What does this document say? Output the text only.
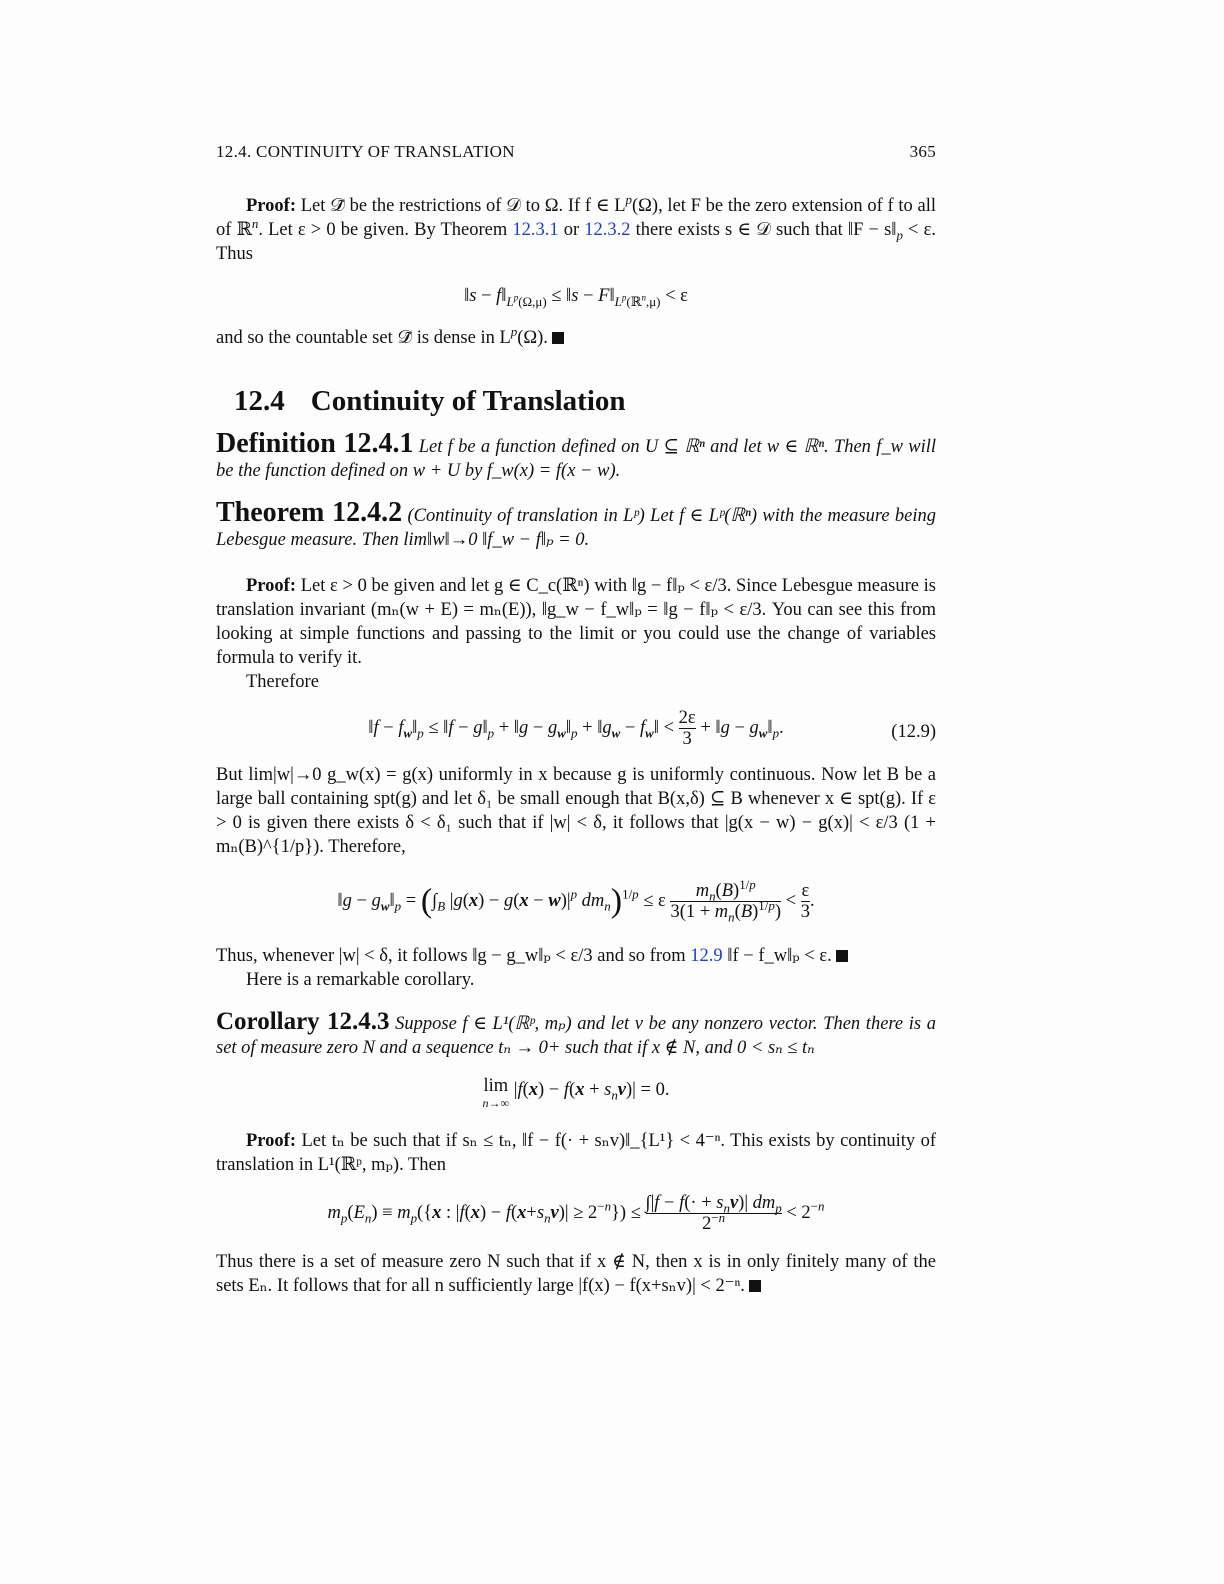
12.4. CONTINUITY OF TRANSLATION	365

Proof: Let 𝒟̃ be the restrictions of 𝒟 to Ω. If f ∈ $L^p(\Omega)$, let F be the zero extension of f to all of ℝ$^n$. Let ε > 0 be given. By Theorem 12.3.1 or 12.3.2 there exists s ∈ 𝒟 such that ‖F − $s‖_p < \varepsilon$. Thus

‖s − $f‖_{L^p(\Omega,\mu)}$ ≤ ‖s − $F‖_{L^p(ℝ^n,\mu)} < \varepsilon$

and so the countable set 𝒟̃ is dense in $L^p(\Omega)$.

12.4 Continuity of Translation

Definition 12.4.1 Let f be a function defined on U ⊆ ℝⁿ and let w ∈ ℝⁿ. Then f_w will be the function defined on w + U by f_w(x) = f(x − w).

Theorem 12.4.2 (Continuity of translation in Lᵖ) Let f ∈ Lᵖ(ℝⁿ) with the measure being Lebesgue measure. Then lim‖w‖→0 ‖f_w − f‖ₚ = 0.

Proof: Let ε > 0 be given and let g ∈ C_c(ℝⁿ) with ‖g − f‖ₚ < ε/3. Since Lebesgue measure is translation invariant (mₙ(w + E) = mₙ(E)), ‖g_w − f_w‖ₚ = ‖g − f‖ₚ < ε/3. You can see this from looking at simple functions and passing to the limit or you could use the change of variables formula to verify it.

Therefore

‖f − $f_w‖_p$ ≤ ‖f − $g‖_p$ + ‖g − $g_w‖_p$ + $‖g_w$ − $f_w‖ < \frac{2\varepsilon}{3}$ + ‖g − $g_w‖_p$.	(12.9)

But lim|w|→0 g_w(x) = g(x) uniformly in x because g is uniformly continuous. Now let B be a large ball containing spt(g) and let δ₁ be small enough that B(x,δ) ⊆ B whenever x ∈ spt(g). If ε > 0 is given there exists δ < δ₁ such that if |w| < δ, it follows that |g(x − w) − g(x)| < ε/3 (1 + mₙ(B)^{1/p}). Therefore,

‖g − $g_w‖_p = (\int_B$ $|g(x) - g(x - w)|^p$ $dm_n)^{1/p} \le \varepsilon \frac{m_n(B)^{1/p}}{3(1 + m_n(B)^{1/p})} < \frac{\varepsilon}{3}$ .

Thus, whenever |w| < δ, it follows ‖g − g_w‖ₚ < ε/3 and so from 12.9 ‖f − f_w‖ₚ < ε.

Here is a remarkable corollary.

Corollary 12.4.3 Suppose f ∈ L¹(ℝᵖ, mₚ) and let v be any nonzero vector. Then there is a set of measure zero N and a sequence tₙ → 0+ such that if x ∉ N, and 0 < sₙ ≤ tₙ

lim
n→∞ $|f(x) - f(x + s_nv)| = 0$.

Proof: Let tₙ be such that if sₙ ≤ tₙ, ‖f − f(· + sₙv)‖_{L¹} < 4⁻ⁿ. This exists by continuity of translation in L¹(ℝᵖ, mₚ). Then

$m_p(E_n) \equiv m_p(\{x$ : $|f(x) - f(x+s_nv)| \ge 2^{-n}\}) \le \frac{\int|f - f(\cdot + s_nv)| dm_p}{2^{-n}} < 2^{-n}$

Thus there is a set of measure zero N such that if x ∉ N, then x is in only finitely many of the sets Eₙ. It follows that for all n sufficiently large |f(x) − f(x+sₙv)| < 2⁻ⁿ.
